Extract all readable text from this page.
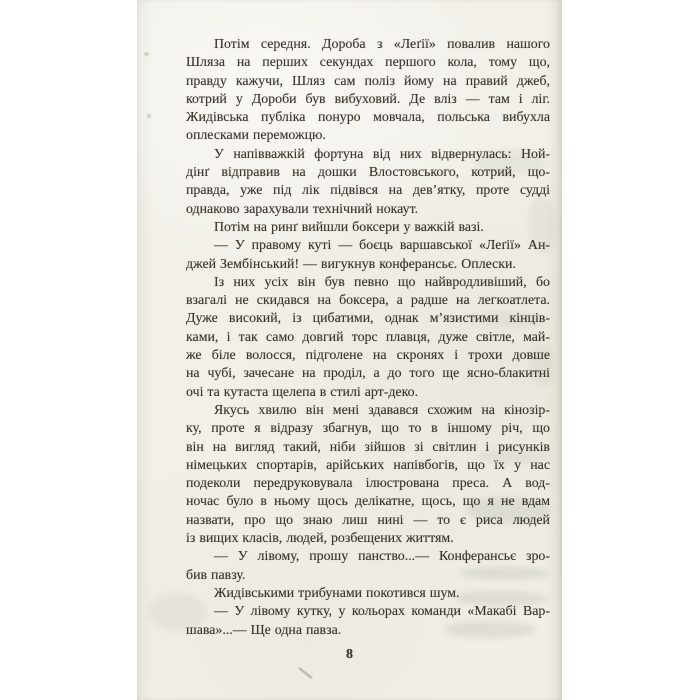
Потім середня. Дороба з «Леґії» повалив нашого
Шляза на перших секундах першого кола, тому що,
правду кажучи, Шляз сам поліз йому на правий джеб,
котрий у Дороби був вибуховий. Де вліз — там і ліг.
Жидівська публіка понуро мовчала, польська вибухла
оплесками переможцю.
У напівважкій фортуна від них відвернулась: Ной-
дінґ відправив на дошки Влостовського, котрий, що-
правда, уже під лік підвівся на дев’ятку, проте судді
однаково зарахували технічний нокаут.
Потім на ринґ вийшли боксери у важкій вазі.
— У правому куті — боєць варшавської «Леґії» Ан-
джей Зембінський! — вигукнув конферансьє. Оплески.
Із них усіх він був певно що найвродливіший, бо
взагалі не скидався на боксера, а радше на легкоатлета.
Дуже високий, із цибатими, однак м’язистими кінців-
ками, і так само довгий торс плавця, дуже світле, май-
же біле волосся, підголене на скронях і трохи довше
на чубі, зачесане на проділ, а до того ще ясно-блакитні
очі та кутаста щелепа в стилі арт-деко.
Якусь хвилю він мені здавався схожим на кінозір-
ку, проте я відразу збагнув, що то в іншому річ, що
він на вигляд такий, ніби зійшов зі світлин і рисунків
німецьких спортарів, арійських напівбогів, що їх у нас
подеколи передруковувала ілюстрована преса. А вод-
ночас було в ньому щось делікатне, щось, що я не вдам
назвати, про що знаю лиш нині — то є риса людей
із вищих класів, людей, розбещених життям.
— У лівому, прошу панство...— Конферансьє зро-
бив павзу.
Жидівськими трибунами покотився шум.
— У лівому кутку, у кольорах команди «Макабі Вар-
шава»...— Ще одна павза.
8
